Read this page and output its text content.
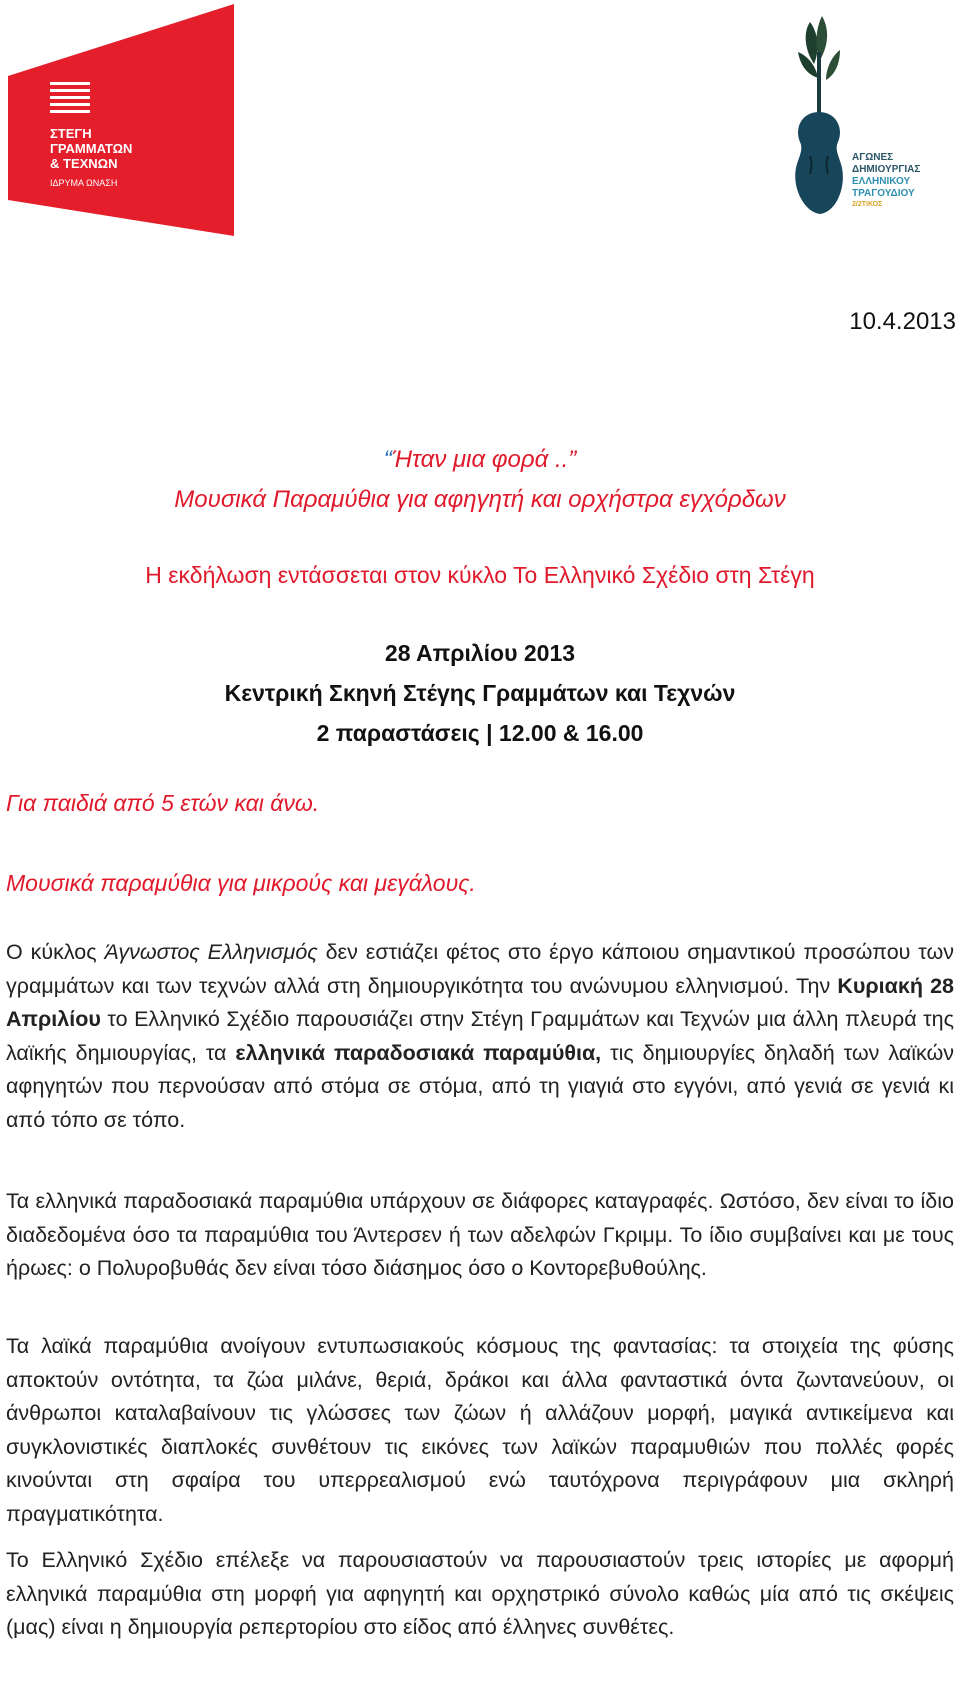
ΣΤΕΓΗ
ΓΡΑΜΜΑΤΩΝ
& ΤΕΧΝΩΝ
ΙΔΡΥΜΑ ΩΝΑΣΗ
ΑΓΩΝΕΣ
ΔΗΜΙΟΥΡΓΙΑΣ
ΕΛΛΗΝΙΚΟΥ
ΤΡΑΓΟΥΔΙΟΥ
2/2ΤΙΚΟΣ
10.4.2013
“Ήταν μια φορά ..”
Μουσικά Παραμύθια για αφηγητή και ορχήστρα εγχόρδων
Η εκδήλωση εντάσσεται στον κύκλο Το Ελληνικό Σχέδιο στη Στέγη
28 Απριλίου 2013
Κεντρική Σκηνή Στέγης Γραμμάτων και Τεχνών
2 παραστάσεις | 12.00 & 16.00
Για παιδιά από 5 ετών και άνω.
Μουσικά παραμύθια για μικρούς και μεγάλους.
Ο κύκλος Άγνωστος Ελληνισμός δεν εστιάζει φέτος στο έργο κάποιου σημαντικού προσώπου των γραμμάτων και των τεχνών αλλά στη δημιουργικότητα του ανώνυμου ελληνισμού. Την Κυριακή 28 Απριλίου το Ελληνικό Σχέδιο παρουσιάζει στην Στέγη Γραμμάτων και Τεχνών μια άλλη πλευρά της λαϊκής δημιουργίας, τα ελληνικά παραδοσιακά παραμύθια, τις δημιουργίες δηλαδή των λαϊκών αφηγητών που περνούσαν από στόμα σε στόμα, από τη γιαγιά στο εγγόνι, από γενιά σε γενιά κι από τόπο σε τόπο.
Τα ελληνικά παραδοσιακά παραμύθια υπάρχουν σε διάφορες καταγραφές. Ωστόσο, δεν είναι το ίδιο διαδεδομένα όσο τα παραμύθια του Άντερσεν ή των αδελφών Γκριμμ. Το ίδιο συμβαίνει και με τους ήρωες: ο Πολυροβυθάς δεν είναι τόσο διάσημος όσο ο Κοντορεβυθούλης.
Τα λαϊκά παραμύθια ανοίγουν εντυπωσιακούς κόσμους της φαντασίας: τα στοιχεία της φύσης αποκτούν οντότητα, τα ζώα μιλάνε, θεριά, δράκοι και άλλα φανταστικά όντα ζωντανεύουν, οι άνθρωποι καταλαβαίνουν τις γλώσσες των ζώων ή αλλάζουν μορφή, μαγικά αντικείμενα και συγκλονιστικές διαπλοκές συνθέτουν τις εικόνες των λαϊκών παραμυθιών που πολλές φορές κινούνται στη σφαίρα του υπερρεαλισμού ενώ ταυτόχρονα περιγράφουν μια σκληρή πραγματικότητα.
Το Ελληνικό Σχέδιο επέλεξε να παρουσιαστούν να παρουσιαστούν τρεις ιστορίες με αφορμή ελληνικά παραμύθια στη μορφή για αφηγητή και ορχηστρικό σύνολο καθώς μία από τις σκέψεις (μας) είναι η δημιουργία ρεπερτορίου στο είδος από έλληνες συνθέτες.
